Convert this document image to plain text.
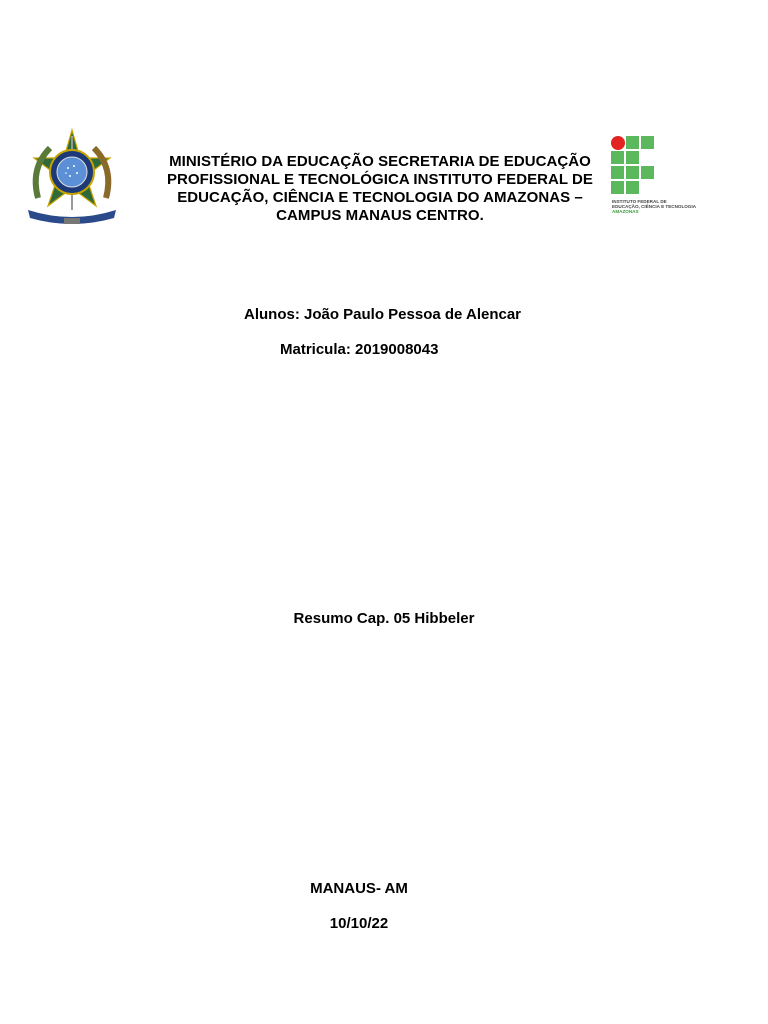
MINISTÉRIO DA EDUCAÇÃO SECRETARIA DE EDUCAÇÃO
PROFISSIONAL E TECNOLÓGICA INSTITUTO FEDERAL DE
EDUCAÇÃO, CIÊNCIA E TECNOLOGIA DO AMAZONAS –
CAMPUS MANAUS CENTRO.
INSTITUTO FEDERAL DE
EDUCAÇÃO, CIÊNCIA E TECNOLOGIA
AMAZONAS
Alunos: João Paulo Pessoa de Alencar
Matricula: 2019008043
Resumo Cap. 05 Hibbeler
MANAUS- AM
10/10/22
